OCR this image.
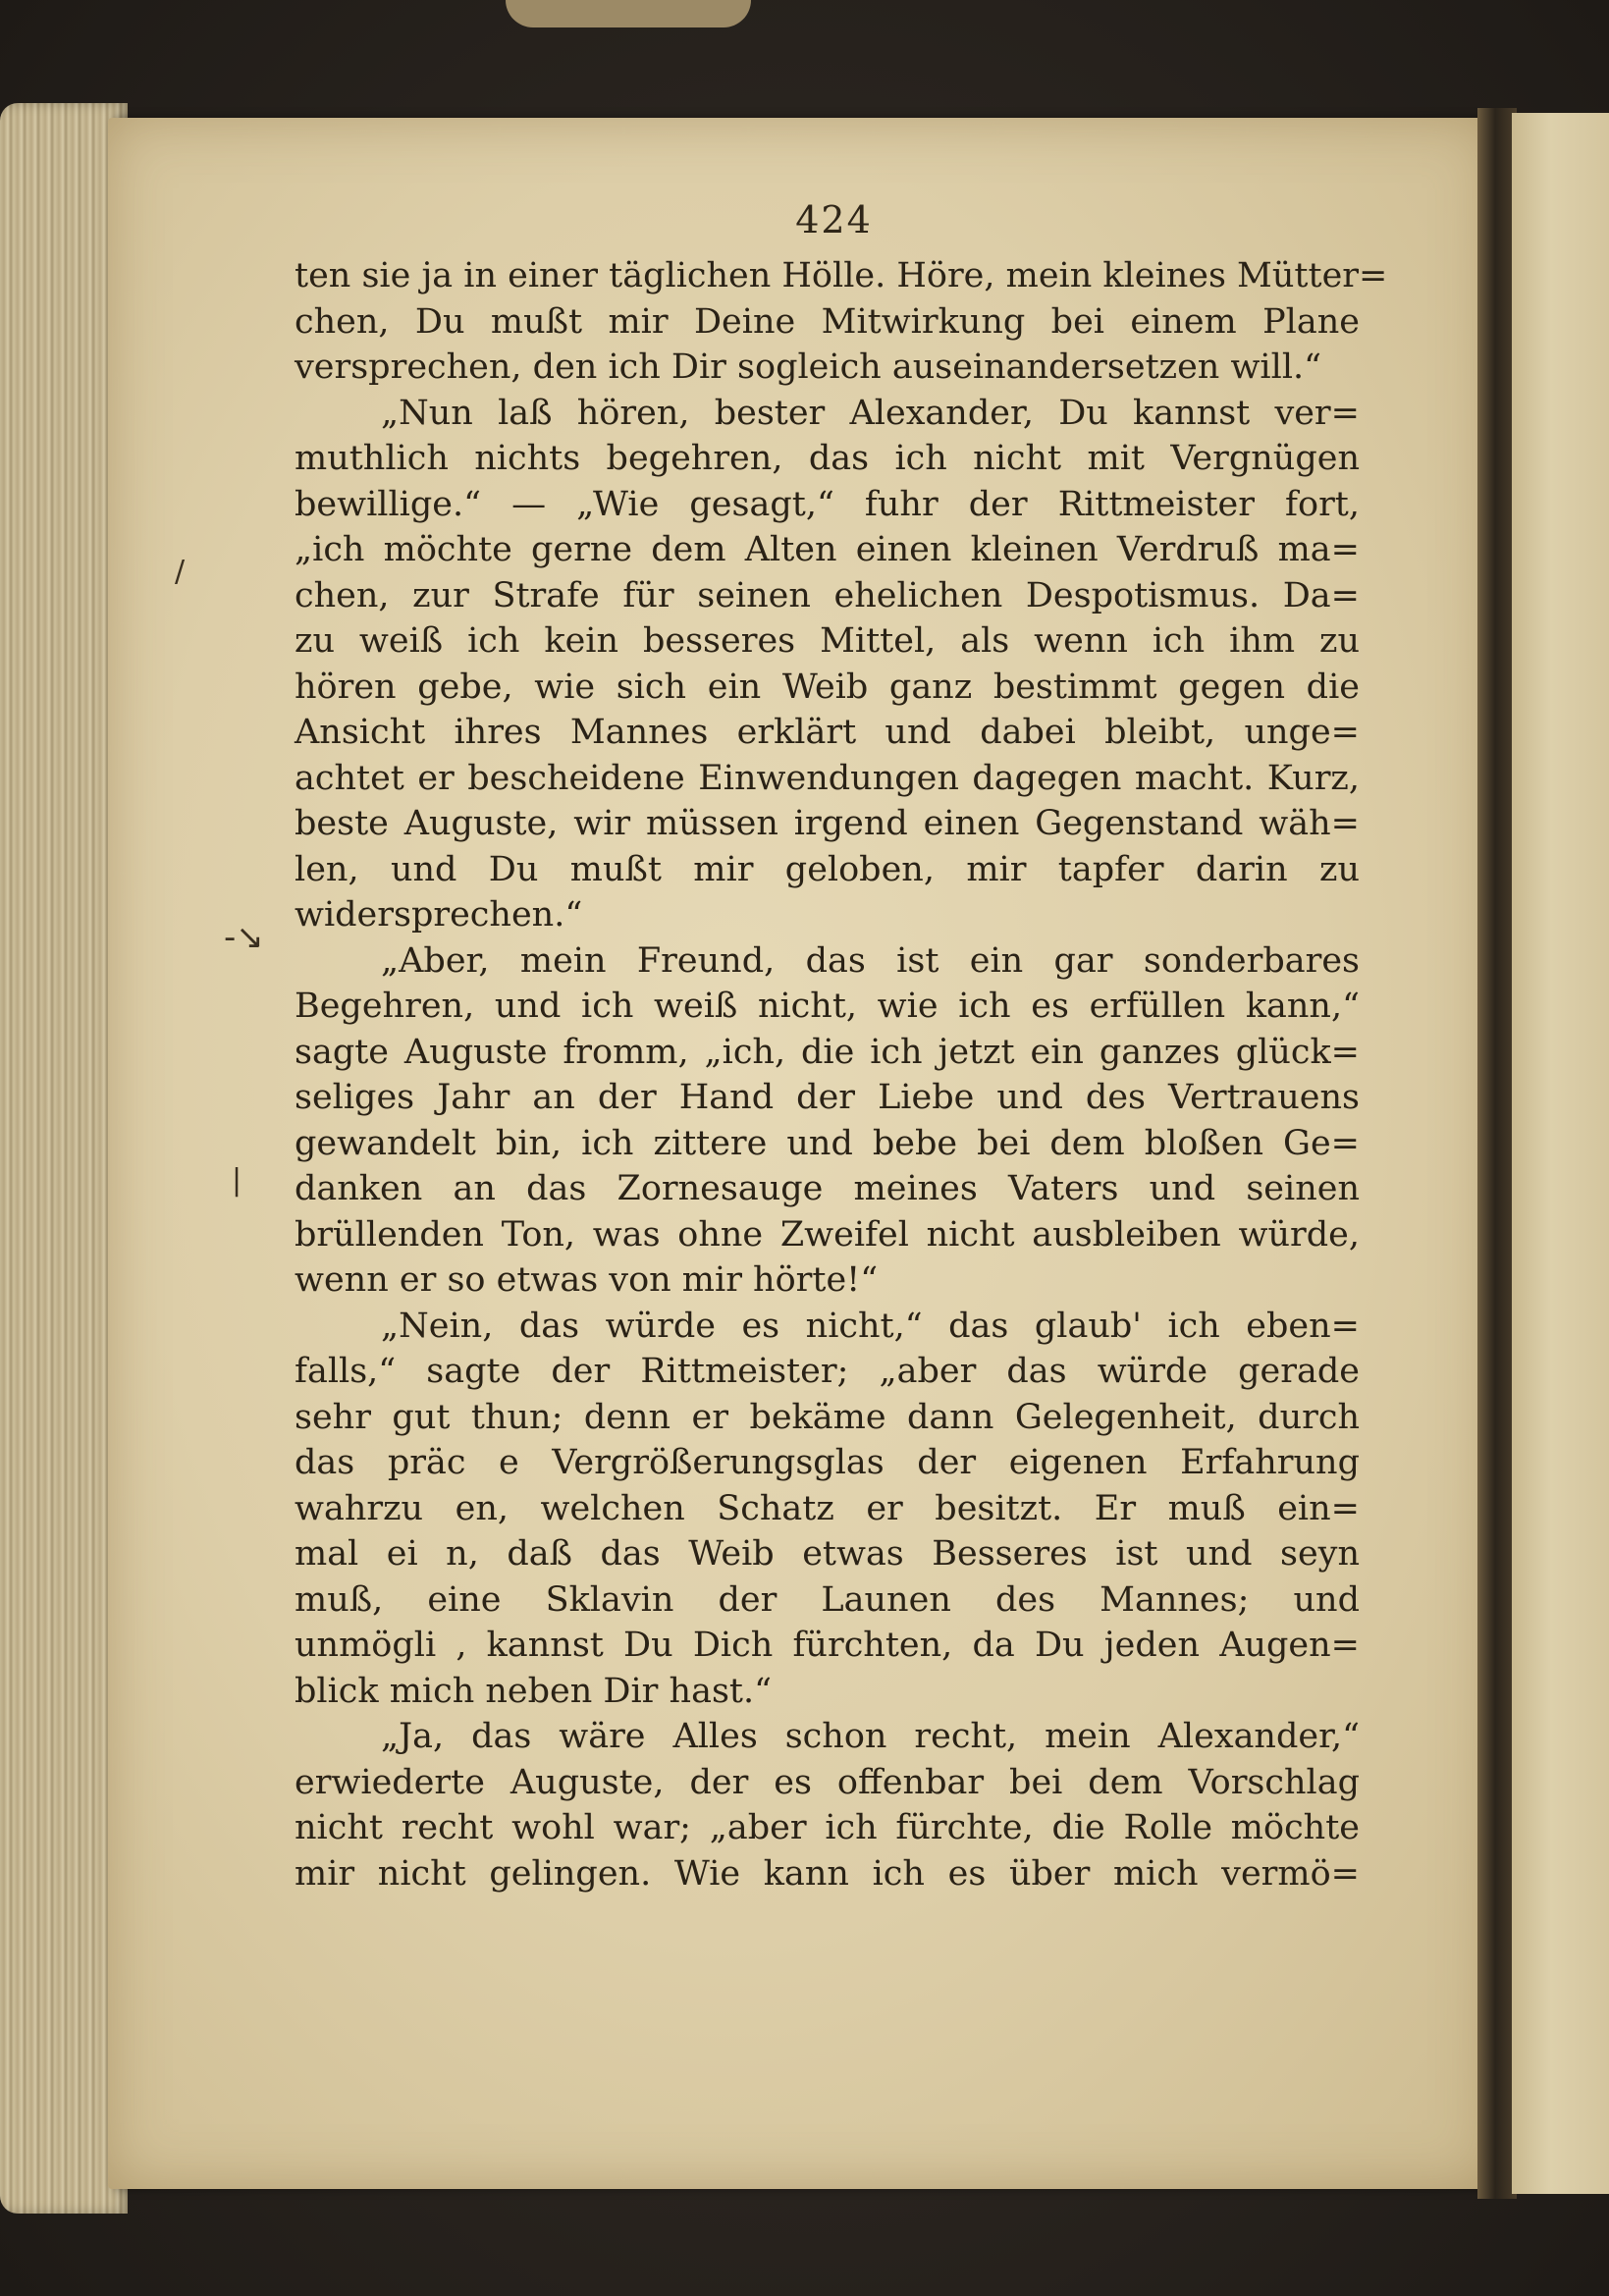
424
ten sie ja in einer täglichen Hölle. Höre, mein kleines Mütter=
chen, Du mußt mir Deine Mitwirkung bei einem Plane
versprechen, den ich Dir sogleich auseinandersetzen will.“
„Nun laß hören, bester Alexander, Du kannst ver=
muthlich nichts begehren, das ich nicht mit Vergnügen
bewillige.“ — „Wie gesagt,“ fuhr der Rittmeister fort,
„ich möchte gerne dem Alten einen kleinen Verdruß ma=
chen, zur Strafe für seinen ehelichen Despotismus. Da=
zu weiß ich kein besseres Mittel, als wenn ich ihm zu
hören gebe, wie sich ein Weib ganz bestimmt gegen die
Ansicht ihres Mannes erklärt und dabei bleibt, unge=
achtet er bescheidene Einwendungen dagegen macht. Kurz,
beste Auguste, wir müssen irgend einen Gegenstand wäh=
len, und Du mußt mir geloben, mir tapfer darin zu
widersprechen.“
„Aber, mein Freund, das ist ein gar sonderbares
Begehren, und ich weiß nicht, wie ich es erfüllen kann,“
sagte Auguste fromm, „ich, die ich jetzt ein ganzes glück=
seliges Jahr an der Hand der Liebe und des Vertrauens
gewandelt bin, ich zittere und bebe bei dem bloßen Ge=
danken an das Zornesauge meines Vaters und seinen
brüllenden Ton, was ohne Zweifel nicht ausbleiben würde,
wenn er so etwas von mir hörte!“
„Nein, das würde es nicht,“ das glaub' ich eben=
falls,“ sagte der Rittmeister; „aber das würde gerade
sehr gut thun; denn er bekäme dann Gelegenheit, durch
das präc e Vergrößerungsglas der eigenen Erfahrung
wahrzu en, welchen Schatz er besitzt. Er muß ein=
mal ei n, daß das Weib etwas Besseres ist und seyn
muß, eine Sklavin der Launen des Mannes; und
unmögli , kannst Du Dich fürchten, da Du jeden Augen=
blick mich neben Dir hast.“
„Ja, das wäre Alles schon recht, mein Alexander,“
erwiederte Auguste, der es offenbar bei dem Vorschlag
nicht recht wohl war; „aber ich fürchte, die Rolle möchte
mir nicht gelingen. Wie kann ich es über mich vermö=
-↘
/
|
